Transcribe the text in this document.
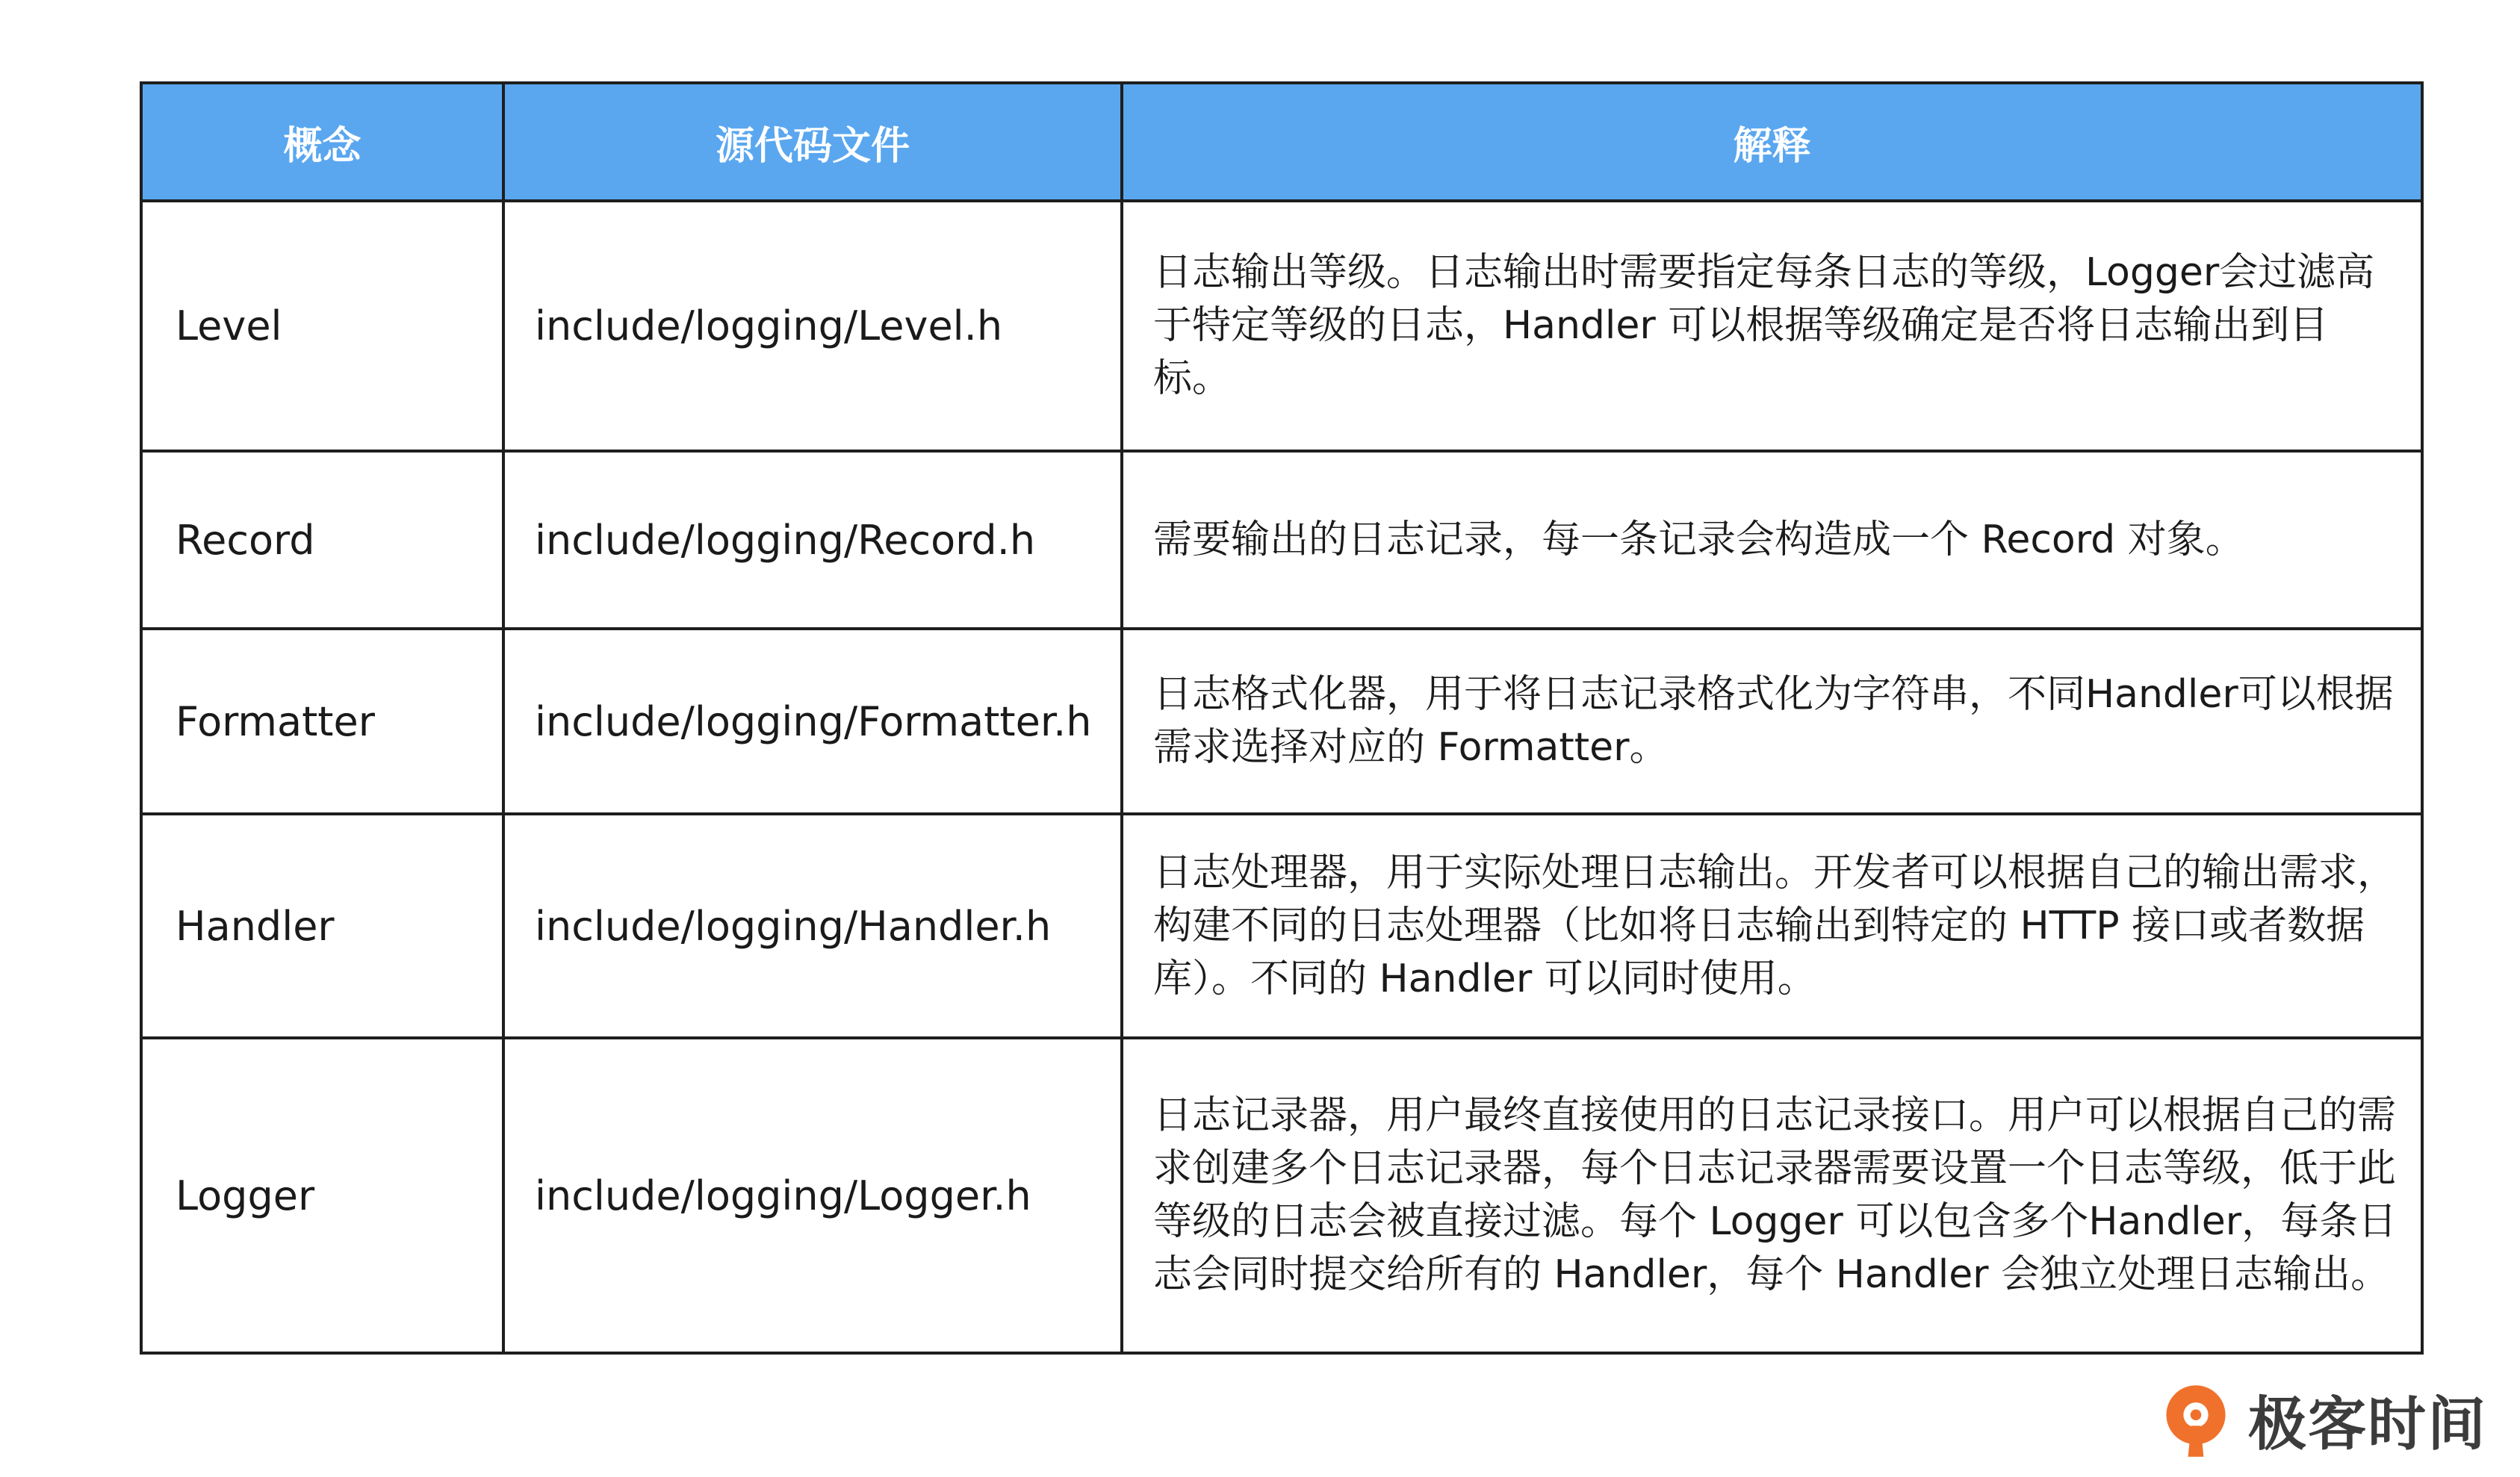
概念	源代码文件	解释
Level	include/logging/Level.h	日志输出等级。日志输出时需要指定每条日志的等级，Logger会过滤高于特定等级的日志，Handler 可以根据等级确定是否将日志输出到目标。
Record	include/logging/Record.h	需要输出的日志记录，每一条记录会构造成一个 Record 对象。
Formatter	include/logging/Formatter.h	日志格式化器，用于将日志记录格式化为字符串，不同Handler可以根据需求选择对应的 Formatter。
Handler	include/logging/Handler.h	日志处理器，用于实际处理日志输出。开发者可以根据自己的输出需求，构建不同的日志处理器（比如将日志输出到特定的 HTTP 接口或者数据库）。不同的 Handler 可以同时使用。
Logger	include/logging/Logger.h	日志记录器，用户最终直接使用的日志记录接口。用户可以根据自己的需求创建多个日志记录器，每个日志记录器需要设置一个日志等级，低于此等级的日志会被直接过滤。每个 Logger 可以包含多个Handler，每条日志会同时提交给所有的 Handler，每个 Handler 会独立处理日志输出。
极客时间
